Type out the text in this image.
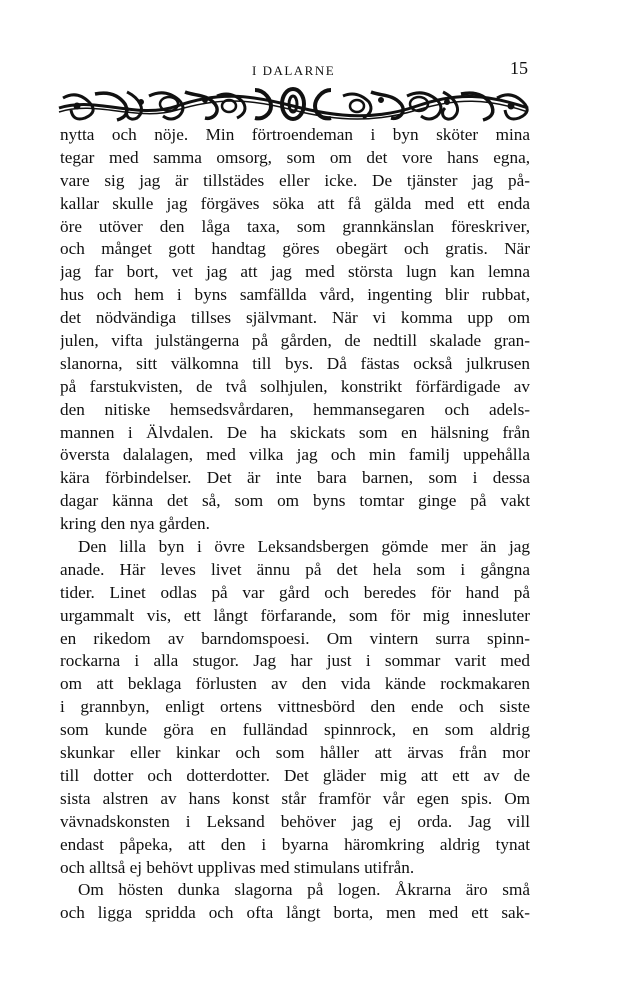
I DALARNE	15
nytta och nöje. Min förtroendeman i byn sköter mina
tegar med samma omsorg, som om det vore hans egna,
vare sig jag är tillstädes eller icke. De tjänster jag på-
kallar skulle jag förgäves söka att få gälda med ett enda
öre utöver den låga taxa, som grannkänslan föreskriver,
och månget gott handtag göres obegärt och gratis. När
jag far bort, vet jag att jag med största lugn kan lemna
hus och hem i byns samfällda vård, ingenting blir rubbat,
det nödvändiga tillses självmant. När vi komma upp om
julen, vifta julstängerna på gården, de nedtill skalade gran-
slanorna, sitt välkomna till bys. Då fästas också julkrusen
på farstukvisten, de två solhjulen, konstrikt förfärdigade av
den nitiske hemsedsvårdaren, hemmansegaren och adels-
mannen i Älvdalen. De ha skickats som en hälsning från
översta dalalagen, med vilka jag och min familj uppehålla
kära förbindelser. Det är inte bara barnen, som i dessa
dagar känna det så, som om byns tomtar ginge på vakt
kring den nya gården.
Den lilla byn i övre Leksandsbergen gömde mer än jag
anade. Här leves livet ännu på det hela som i gångna
tider. Linet odlas på var gård och beredes för hand på
urgammalt vis, ett långt förfarande, som för mig innesluter
en rikedom av barndomspoesi. Om vintern surra spinn-
rockarna i alla stugor. Jag har just i sommar varit med
om att beklaga förlusten av den vida kände rockmakaren
i grannbyn, enligt ortens vittnesbörd den ende och siste
som kunde göra en fulländad spinnrock, en som aldrig
skunkar eller kinkar och som håller att ärvas från mor
till dotter och dotterdotter. Det gläder mig att ett av de
sista alstren av hans konst står framför vår egen spis. Om
vävnadskonsten i Leksand behöver jag ej orda. Jag vill
endast påpeka, att den i byarna häromkring aldrig tynat
och alltså ej behövt upplivas med stimulans utifrån.
Om hösten dunka slagorna på logen. Åkrarna äro små
och ligga spridda och ofta långt borta, men med ett sak-
